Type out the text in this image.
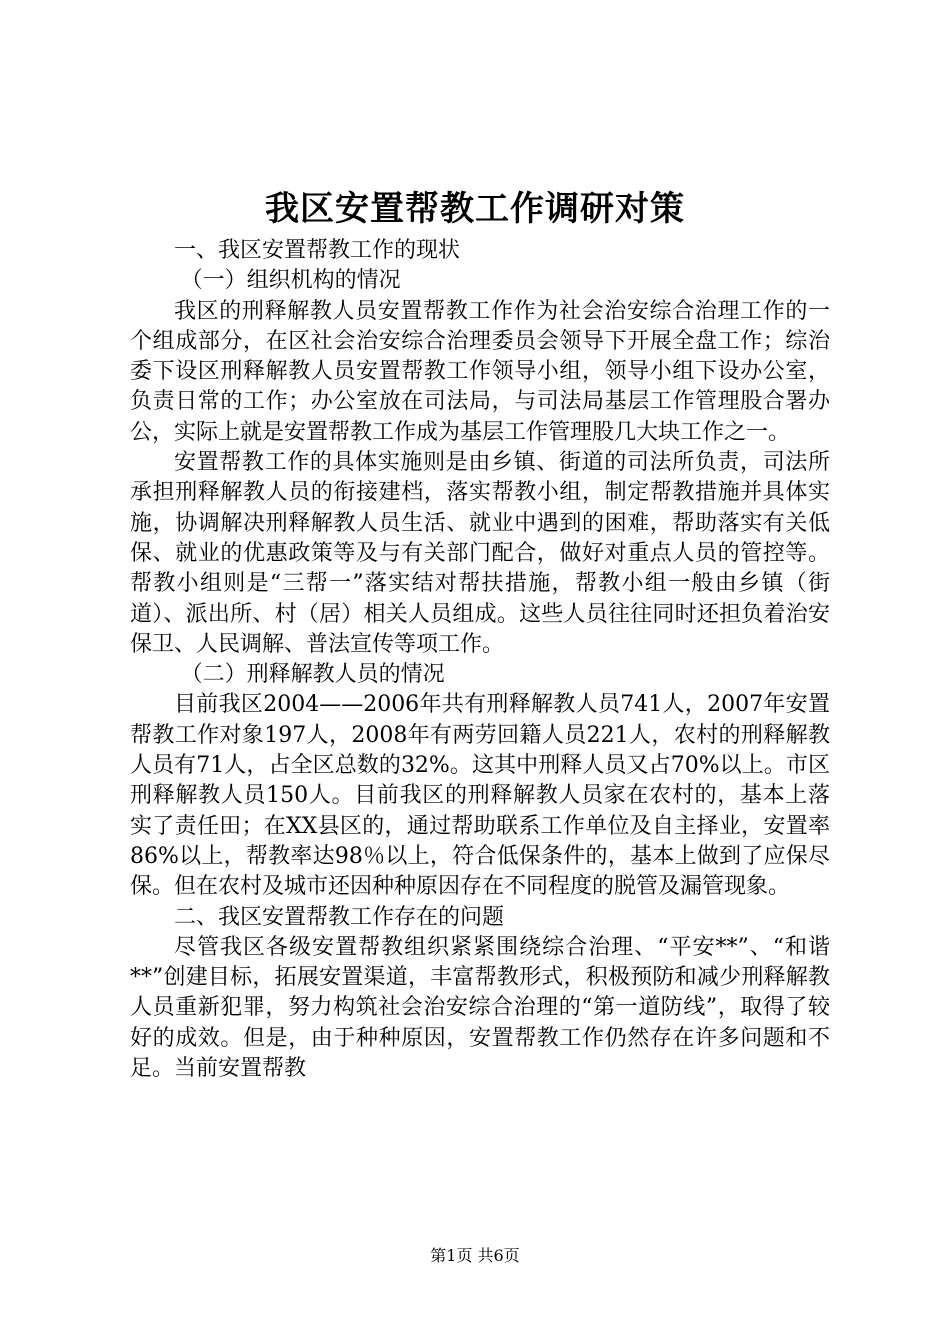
我区安置帮教工作调研对策

一、我区安置帮教工作的现状

（一）组织机构的情况

我区的刑释解教人员安置帮教工作作为社会治安综合治理工作的一个组成部分，在区社会治安综合治理委员会领导下开展全盘工作；综治委下设区刑释解教人员安置帮教工作领导小组，领导小组下设办公室，负责日常的工作；办公室放在司法局，与司法局基层工作管理股合署办公，实际上就是安置帮教工作成为基层工作管理股几大块工作之一。

安置帮教工作的具体实施则是由乡镇、街道的司法所负责，司法所承担刑释解教人员的衔接建档，落实帮教小组，制定帮教措施并具体实施，协调解决刑释解教人员生活、就业中遇到的困难，帮助落实有关低保、就业的优惠政策等及与有关部门配合，做好对重点人员的管控等。帮教小组则是“三帮一”落实结对帮扶措施，帮教小组一般由乡镇（街道）、派出所、村（居）相关人员组成。这些人员往往同时还担负着治安保卫、人民调解、普法宣传等项工作。

（二）刑释解教人员的情况

目前我区2004——2006年共有刑释解教人员741人，2007年安置帮教工作对象197人，2008年有两劳回籍人员221人，农村的刑释解教人员有71人，占全区总数的32%。这其中刑释人员又占70%以上。市区刑释解教人员150人。目前我区的刑释解教人员家在农村的，基本上落实了责任田；在XX县区的，通过帮助联系工作单位及自主择业，安置率86%以上，帮教率达98％以上，符合低保条件的，基本上做到了应保尽保。但在农村及城市还因种种原因存在不同程度的脱管及漏管现象。

二、我区安置帮教工作存在的问题

尽管我区各级安置帮教组织紧紧围绕综合治理、“平安**”、“和谐**”创建目标，拓展安置渠道，丰富帮教形式，积极预防和减少刑释解教人员重新犯罪，努力构筑社会治安综合治理的“第一道防线”，取得了较好的成效。但是，由于种种原因，安置帮教工作仍然存在许多问题和不足。当前安置帮教

第1页 共6页
